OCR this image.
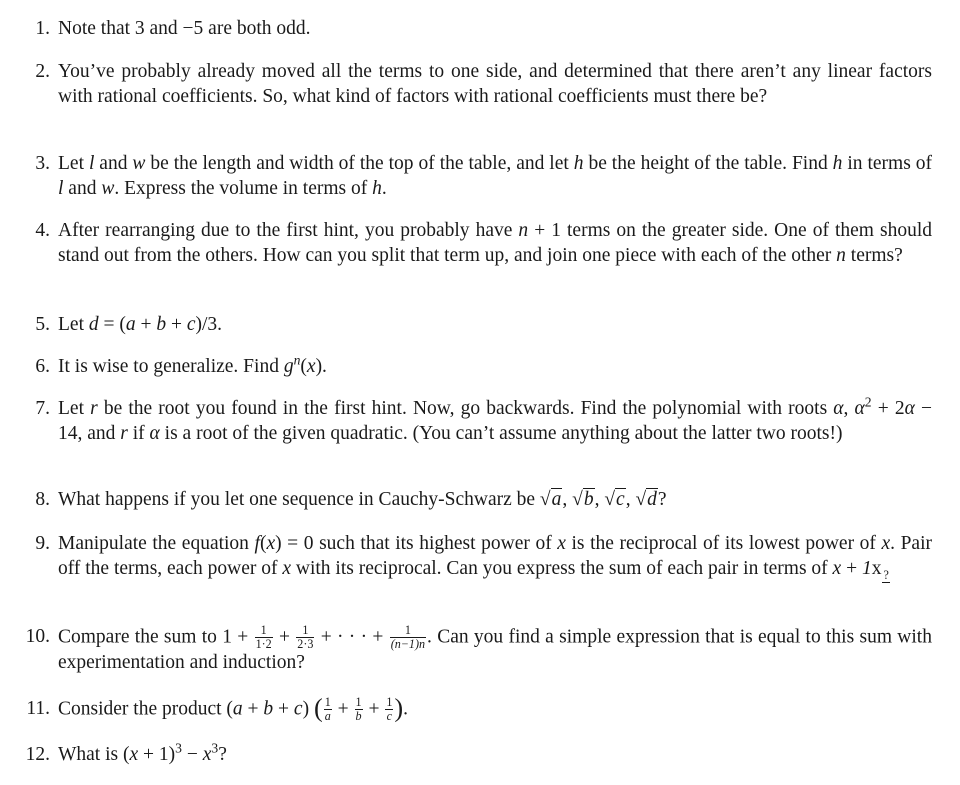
1. Note that 3 and −5 are both odd.
2. You’ve probably already moved all the terms to one side, and determined that there aren’t any linear factors with rational coefficients. So, what kind of factors with rational coefficients must there be?
3. Let l and w be the length and width of the top of the table, and let h be the height of the table. Find h in terms of l and w. Express the volume in terms of h.
4. After rearranging due to the first hint, you probably have n + 1 terms on the greater side. One of them should stand out from the others. How can you split that term up, and join one piece with each of the other n terms?
5. Let d = (a + b + c)/3.
6. It is wise to generalize. Find $g^n(x)$.
7. Let r be the root you found in the first hint. Now, go backwards. Find the polynomial with roots α, $\alpha^2 + 2\alpha - 14$, and r if α is a root of the given quadratic. (You can’t assume anything about the latter two roots!)
8. What happens if you let one sequence in Cauchy-Schwarz be √a, √b, √c, √d?
9. Manipulate the equation f(x) = 0 such that its highest power of x is the reciprocal of its lowest power of x. Pair off the terms, each power of x with its reciprocal. Can you express the sum of each pair in terms of x + 1x ?
10. Compare the sum to $1 + \frac{1}{1\cdot 2} + \frac{1}{2\cdot 3}$ + · · · + $\frac{1}{(n-1)n}$ . Can you find a simple expression that is equal to this sum with experimentation and induction?
11. Consider the product (a + b + c) ( $\frac{1}{a} + \frac{1}{b} + \frac{1}{c}$ ).
12. What is $(x + 1)^3 - x^3$?
